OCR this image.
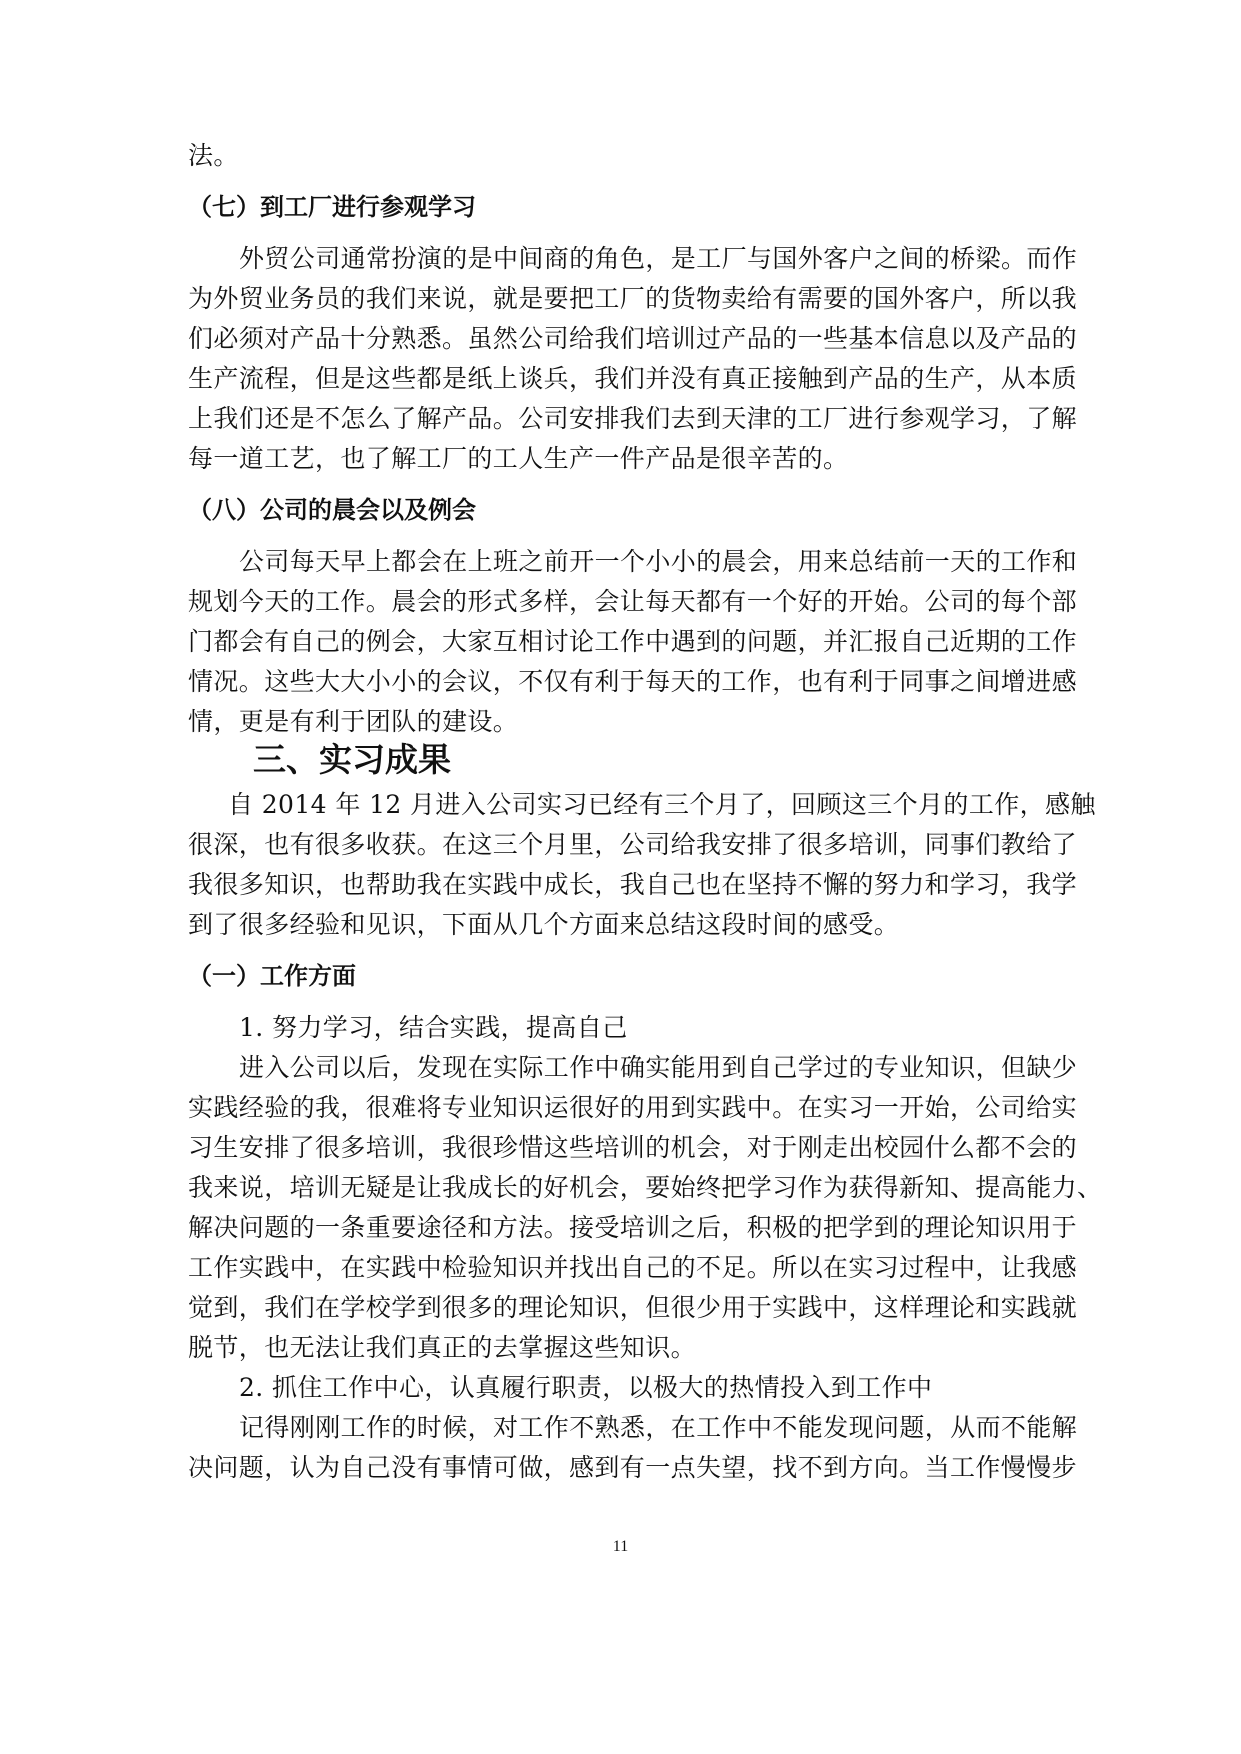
法。
（七）到工厂进行参观学习
外贸公司通常扮演的是中间商的角色，是工厂与国外客户之间的桥梁。而作
为外贸业务员的我们来说，就是要把工厂的货物卖给有需要的国外客户，所以我
们必须对产品十分熟悉。虽然公司给我们培训过产品的一些基本信息以及产品的
生产流程，但是这些都是纸上谈兵，我们并没有真正接触到产品的生产，从本质
上我们还是不怎么了解产品。公司安排我们去到天津的工厂进行参观学习，了解
每一道工艺，也了解工厂的工人生产一件产品是很辛苦的。
（八）公司的晨会以及例会
公司每天早上都会在上班之前开一个小小的晨会，用来总结前一天的工作和
规划今天的工作。晨会的形式多样，会让每天都有一个好的开始。公司的每个部
门都会有自己的例会，大家互相讨论工作中遇到的问题，并汇报自己近期的工作
情况。这些大大小小的会议，不仅有利于每天的工作，也有利于同事之间增进感
情，更是有利于团队的建设。
三、实习成果
自 2014 年 12 月进入公司实习已经有三个月了，回顾这三个月的工作，感触
很深，也有很多收获。在这三个月里，公司给我安排了很多培训，同事们教给了
我很多知识，也帮助我在实践中成长，我自己也在坚持不懈的努力和学习，我学
到了很多经验和见识，下面从几个方面来总结这段时间的感受。
（一）工作方面
1. 努力学习，结合实践，提高自己
进入公司以后，发现在实际工作中确实能用到自己学过的专业知识，但缺少
实践经验的我，很难将专业知识运很好的用到实践中。在实习一开始，公司给实
习生安排了很多培训，我很珍惜这些培训的机会，对于刚走出校园什么都不会的
我来说，培训无疑是让我成长的好机会，要始终把学习作为获得新知、提高能力、
解决问题的一条重要途径和方法。接受培训之后，积极的把学到的理论知识用于
工作实践中，在实践中检验知识并找出自己的不足。所以在实习过程中，让我感
觉到，我们在学校学到很多的理论知识，但很少用于实践中，这样理论和实践就
脱节，也无法让我们真正的去掌握这些知识。
2. 抓住工作中心，认真履行职责，以极大的热情投入到工作中
记得刚刚工作的时候，对工作不熟悉，在工作中不能发现问题，从而不能解
决问题，认为自己没有事情可做，感到有一点失望，找不到方向。当工作慢慢步
11
